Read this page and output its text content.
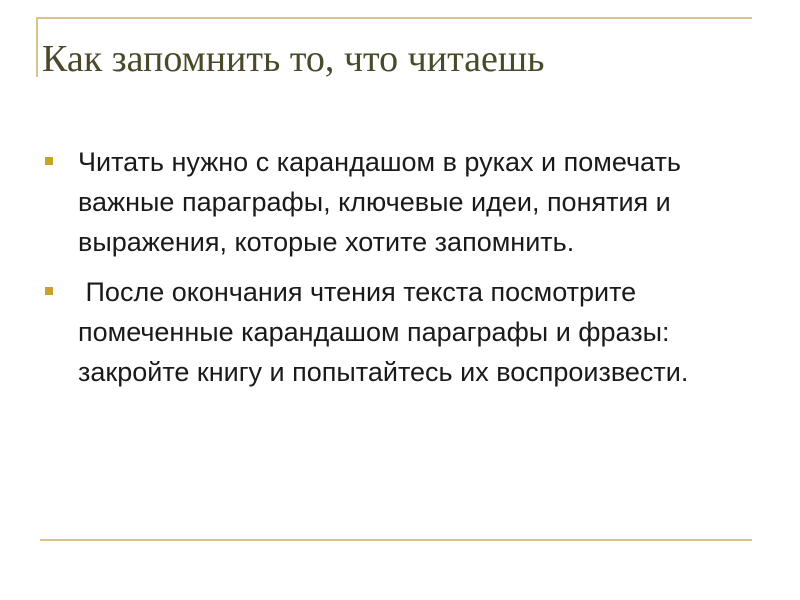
Как запомнить то, что читаешь
Читать нужно с карандашом в руках и помечать важные параграфы, ключевые идеи, понятия и выражения, которые хотите запомнить.
После окончания чтения текста посмотрите помеченные карандашом параграфы и фразы: закройте книгу и попытайтесь их воспроизвести.
